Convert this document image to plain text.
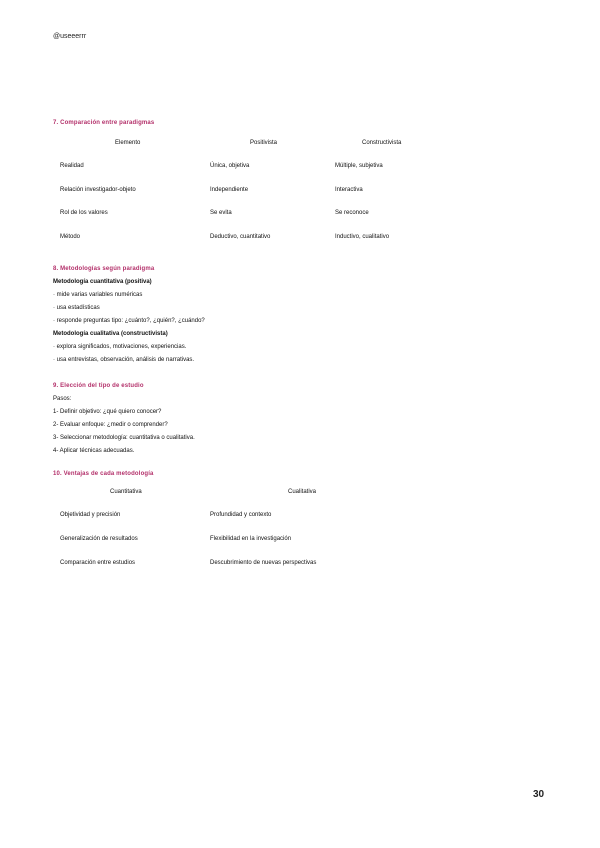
@useeerrr
7. Comparación entre paradigmas
Elemento	Positivista	Constructivista
Realidad	Única, objetiva	Múltiple, subjetiva
Relación investigador-objeto	Independiente	Interactiva
Rol de los valores	Se evita	Se reconoce
Método	Deductivo, cuantitativo	Inductivo, cualitativo
8. Metodologías según paradigma
Metodología cuantitativa (positiva)
· mide varias variables numéricas
· usa estadísticas
· responde preguntas tipo: ¿cuánto?, ¿quién?, ¿cuándo?
Metodología cualitativa (constructivista)
· explora significados, motivaciones, experiencias.
· usa entrevistas, observación, análisis de narrativas.
9. Elección del tipo de estudio
Pasos:
1- Definir objetivo: ¿qué quiero conocer?
2- Evaluar enfoque: ¿medir o comprender?
3- Seleccionar metodología: cuantitativa o cualitativa.
4- Aplicar técnicas adecuadas.
10. Ventajas de cada metodología
Cuantitativa	Cualitativa
Objetividad y precisión	Profundidad y contexto
Generalización de resultados	Flexibilidad en la investigación
Comparación entre estudios	Descubrimiento de nuevas perspectivas
30
